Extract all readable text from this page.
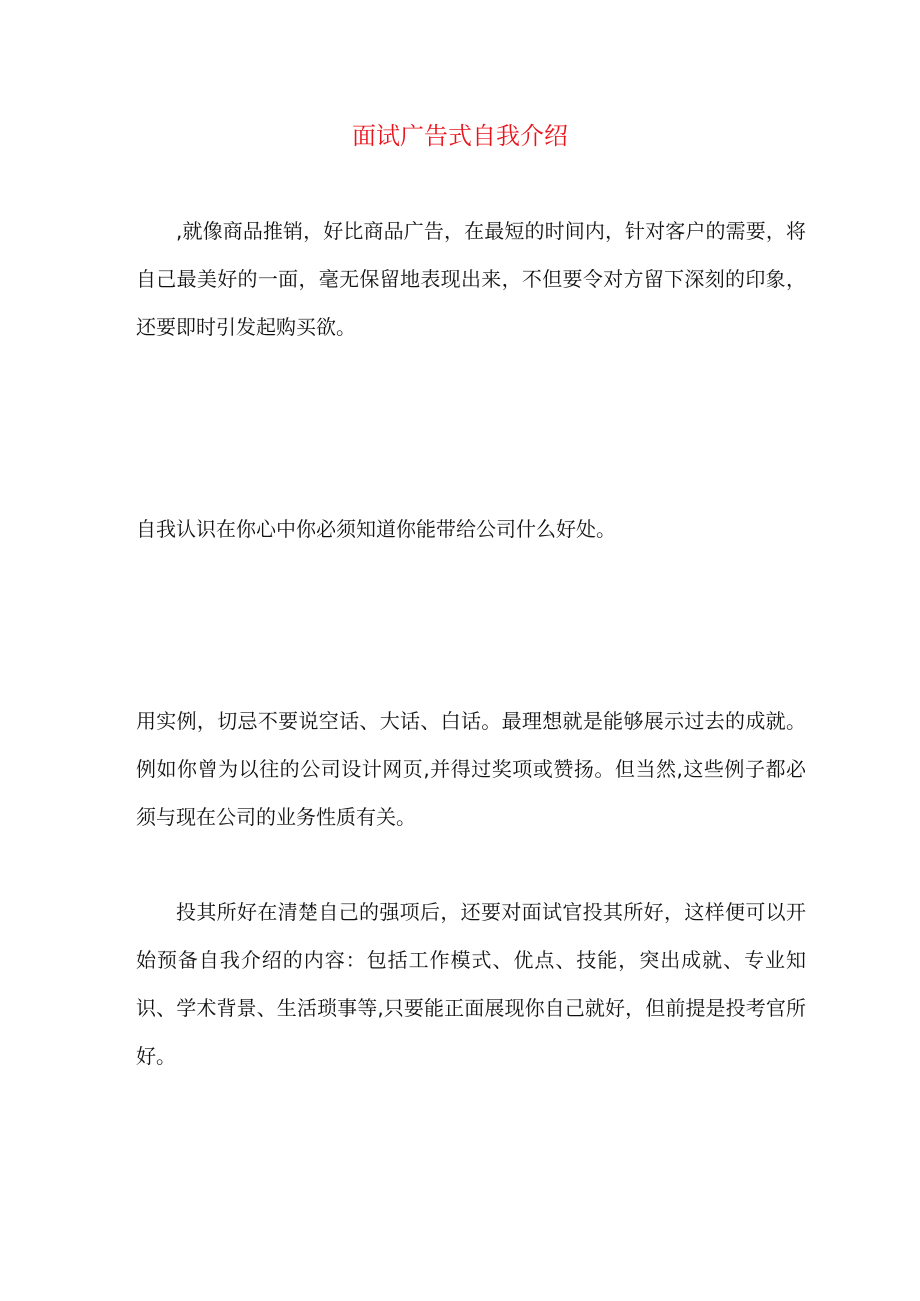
面试广告式自我介绍

,就像商品推销，好比商品广告，在最短的时间内，针对客户的需要，将自己最美好的一面，毫无保留地表现出来，不但要令对方留下深刻的印象，还要即时引发起购买欲。

自我认识在你心中你必须知道你能带给公司什么好处。

用实例，切忌不要说空话、大话、白话。最理想就是能够展示过去的成就。例如你曾为以往的公司设计网页,并得过奖项或赞扬。但当然,这些例子都必须与现在公司的业务性质有关。

投其所好在清楚自己的强项后，还要对面试官投其所好，这样便可以开始预备自我介绍的内容：包括工作模式、优点、技能，突出成就、专业知识、学术背景、生活琐事等,只要能正面展现你自己就好，但前提是投考官所好。
